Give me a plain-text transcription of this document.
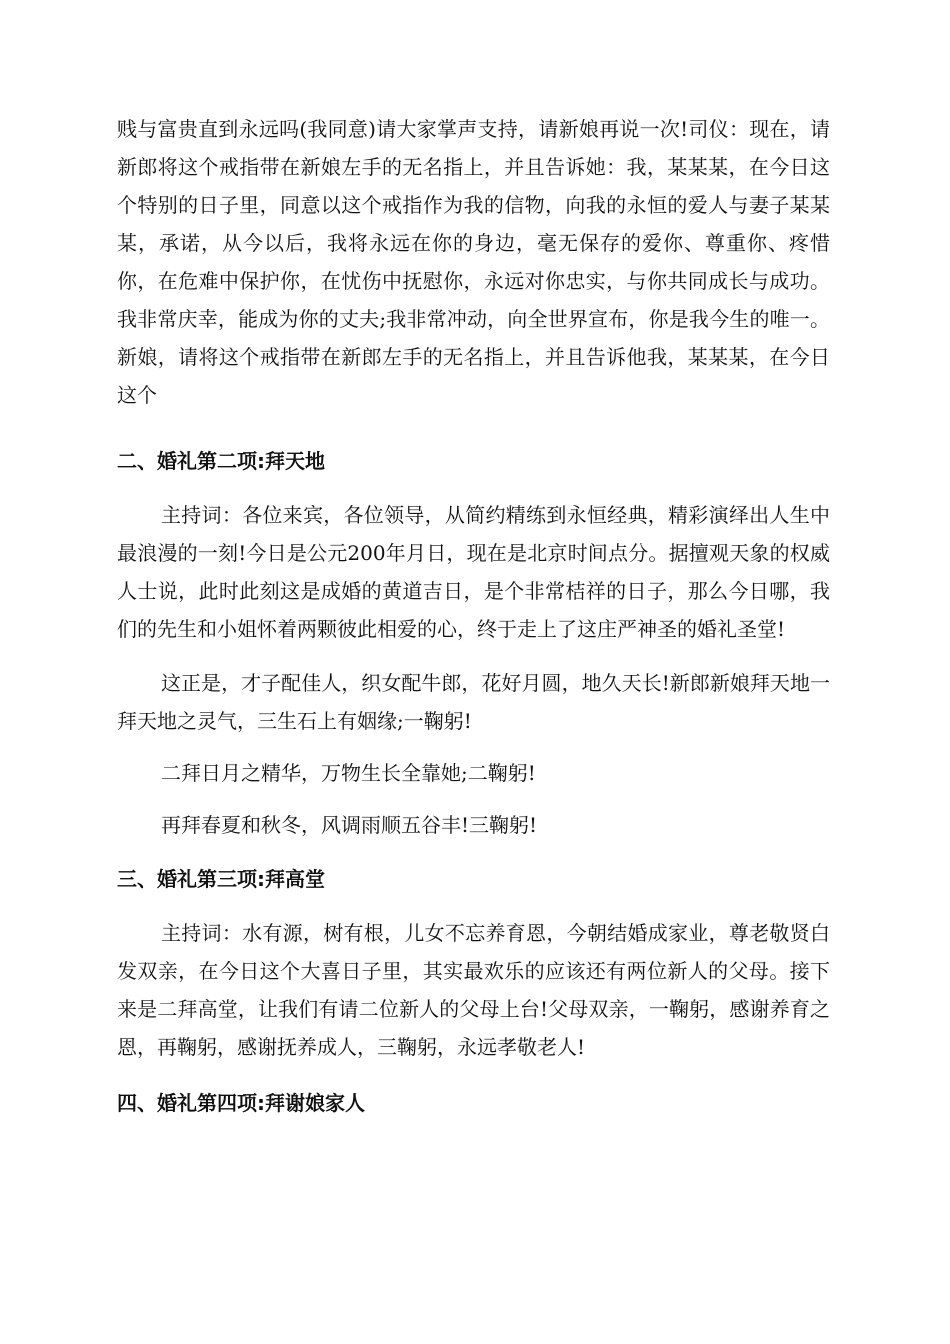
贱与富贵直到永远吗(我同意)请大家掌声支持，请新娘再说一次!司仪：现在，请新郎将这个戒指带在新娘左手的无名指上，并且告诉她：我，某某某，在今日这个特别的日子里，同意以这个戒指作为我的信物，向我的永恒的爱人与妻子某某某，承诺，从今以后，我将永远在你的身边，毫无保存的爱你、尊重你、疼惜你，在危难中保护你，在忧伤中抚慰你，永远对你忠实，与你共同成长与成功。我非常庆幸，能成为你的丈夫;我非常冲动，向全世界宣布，你是我今生的唯一。新娘，请将这个戒指带在新郎左手的无名指上，并且告诉他我，某某某，在今日这个

二、婚礼第二项:拜天地

主持词：各位来宾，各位领导，从简约精练到永恒经典，精彩演绎出人生中最浪漫的一刻!今日是公元200年月日，现在是北京时间点分。据擅观天象的权威人士说，此时此刻这是成婚的黄道吉日，是个非常桔祥的日子，那么今日哪，我们的先生和小姐怀着两颗彼此相爱的心，终于走上了这庄严神圣的婚礼圣堂!

这正是，才子配佳人，织女配牛郎，花好月圆，地久天长!新郎新娘拜天地一拜天地之灵气，三生石上有姻缘;一鞠躬!

二拜日月之精华，万物生长全靠她;二鞠躬!

再拜春夏和秋冬，风调雨顺五谷丰!三鞠躬!

三、婚礼第三项:拜高堂

主持词：水有源，树有根，儿女不忘养育恩，今朝结婚成家业，尊老敬贤白发双亲，在今日这个大喜日子里，其实最欢乐的应该还有两位新人的父母。接下来是二拜高堂，让我们有请二位新人的父母上台!父母双亲，一鞠躬，感谢养育之恩，再鞠躬，感谢抚养成人，三鞠躬，永远孝敬老人!

四、婚礼第四项:拜谢娘家人
